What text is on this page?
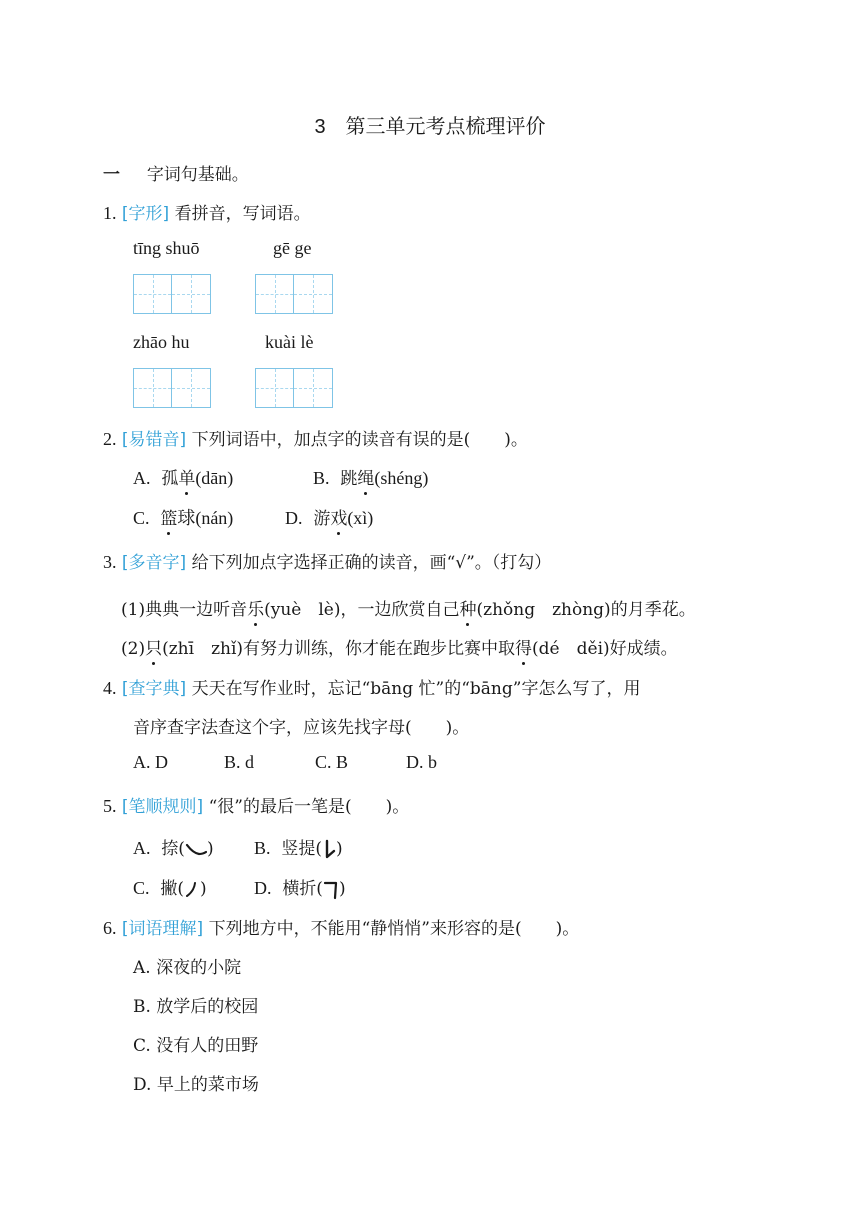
3　第三单元考点梳理评价
一 字词句基础。
1. [字形] 看拼音，写词语。
tīng shuō	gē ge
zhāo hu	kuài lè
2. [易错音] 下列词语中，加点字的读音有误的是(　　)。
A. 孤单(dān)	B. 跳绳(shéng)
C. 篮球(nán)	D. 游戏(xì)
3. [多音字] 给下列加点字选择正确的读音，画“√”。（打勾）
(1)典典一边听音乐(yuè　lè)，一边欣赏自己种(zhǒng　zhòng)的月季花。
(2)只(zhī　zhǐ)有努力训练，你才能在跑步比赛中取得(dé　děi)好成绩。
4. [查字典] 天天在写作业时，忘记“bāng 忙”的“bāng”字怎么写了，用
音序查字法查这个字，应该先找字母(　　)。
A. D	B. d	C. B	D. b
5. [笔顺规则] “很”的最后一笔是(　　)。
A. 捺( ) B. 竖提( )
C. 撇( )	D. 横折( )
6. [词语理解] 下列地方中，不能用“静悄悄”来形容的是(　　)。
A. 深夜的小院
B. 放学后的校园
C. 没有人的田野
D. 早上的菜市场
